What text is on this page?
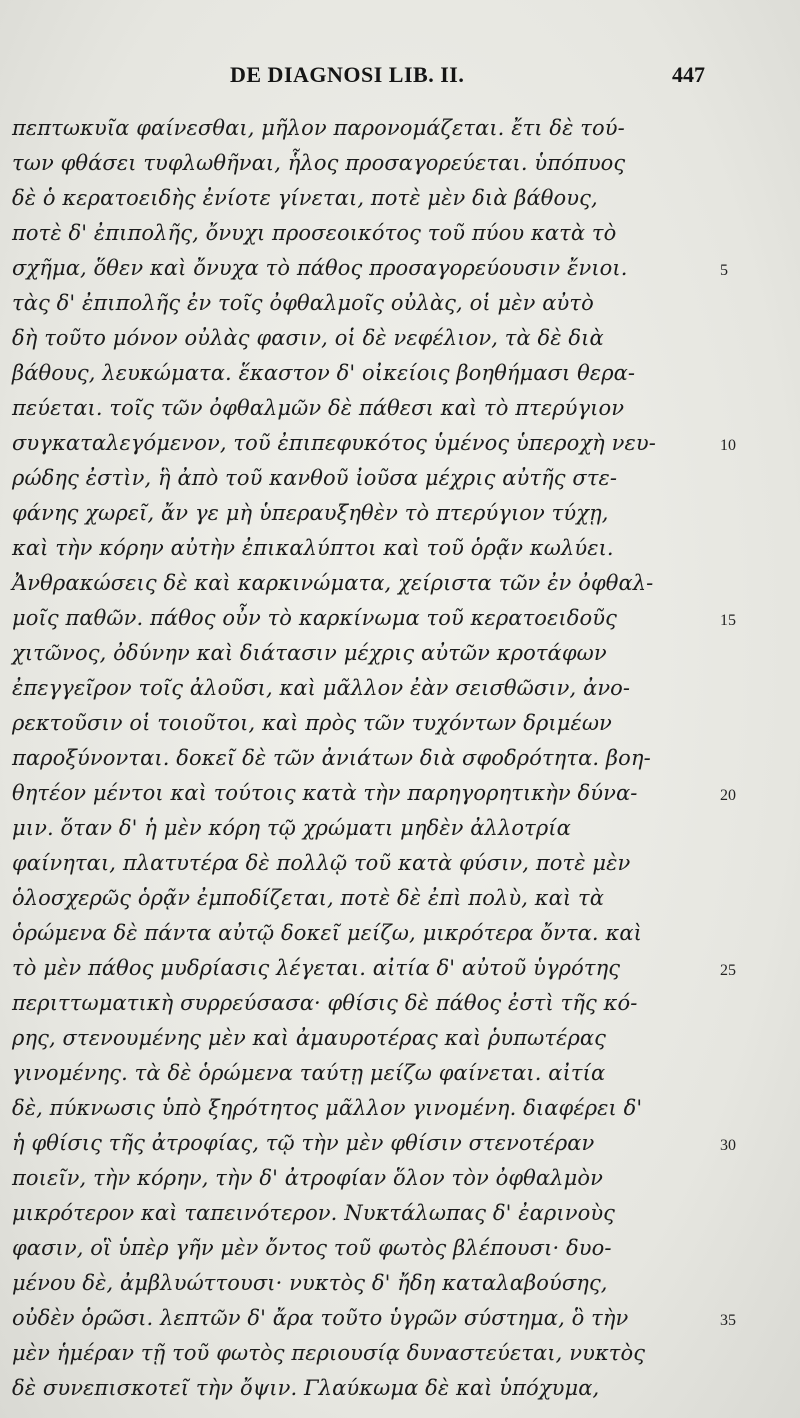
DE DIAGNOSI LIB. II.	447
πεπτωκυῖα φαίνεσθαι, μῆλον παρονομάζεται. ἔτι δὲ τού-
των φθάσει τυφλωθῆναι, ἧλος προσαγορεύεται. ὑπόπυος
δὲ ὁ κερατοειδὴς ἐνίοτε γίνεται, ποτὲ μὲν διὰ βάθους,
ποτὲ δ' ἐπιπολῆς, ὄνυχι προσεοικότος τοῦ πύου κατὰ τὸ
σχῆμα, ὅθεν καὶ ὄνυχα τὸ πάθος προσαγορεύουσιν ἔνιοι.
τὰς δ' ἐπιπολῆς ἐν τοῖς ὀφθαλμοῖς οὐλὰς, οἱ μὲν αὐτὸ
δὴ τοῦτο μόνον οὐλὰς φασιν, οἱ δὲ νεφέλιον, τὰ δὲ διὰ
βάθους, λευκώματα. ἕκαστον δ' οἰκείοις βοηθήμασι θερα-
πεύεται. τοῖς τῶν ὀφθαλμῶν δὲ πάθεσι καὶ τὸ πτερύγιον
συγκαταλεγόμενον, τοῦ ἐπιπεφυκότος ὑμένος ὑπεροχὴ νευ-
ρώδης ἐστὶν, ἣ ἀπὸ τοῦ κανθοῦ ἰοῦσα μέχρις αὐτῆς στε-
φάνης χωρεῖ, ἄν γε μὴ ὑπεραυξηθὲν τὸ πτερύγιον τύχῃ,
καὶ τὴν κόρην αὐτὴν ἐπικαλύπτοι καὶ τοῦ ὁρᾷν κωλύει.
Ἀνθρακώσεις δὲ καὶ καρκινώματα, χείριστα τῶν ἐν ὀφθαλ-
μοῖς παθῶν. πάθος οὖν τὸ καρκίνωμα τοῦ κερατοειδοῦς
χιτῶνος, ὀδύνην καὶ διάτασιν μέχρις αὐτῶν κροτάφων
ἐπεγγεῖρον τοῖς ἀλοῦσι, καὶ μᾶλλον ἐὰν σεισθῶσιν, ἀνο-
ρεκτοῦσιν οἱ τοιοῦτοι, καὶ πρὸς τῶν τυχόντων δριμέων
παροξύνονται. δοκεῖ δὲ τῶν ἀνιάτων διὰ σφοδρότητα. βοη-
θητέον μέντοι καὶ τούτοις κατὰ τὴν παρηγορητικὴν δύνα-
μιν. ὅταν δ' ἡ μὲν κόρη τῷ χρώματι μηδὲν ἀλλοτρία
φαίνηται, πλατυτέρα δὲ πολλῷ τοῦ κατὰ φύσιν, ποτὲ μὲν
ὁλοσχερῶς ὁρᾷν ἐμποδίζεται, ποτὲ δὲ ἐπὶ πολὺ, καὶ τὰ
ὁρώμενα δὲ πάντα αὐτῷ δοκεῖ μείζω, μικρότερα ὄντα. καὶ
τὸ μὲν πάθος μυδρίασις λέγεται. αἰτία δ' αὐτοῦ ὑγρότης
περιττωματικὴ συρρεύσασα· φθίσις δὲ πάθος ἐστὶ τῆς κό-
ρης, στενουμένης μὲν καὶ ἀμαυροτέρας καὶ ῥυπωτέρας
γινομένης. τὰ δὲ ὁρώμενα ταύτῃ μείζω φαίνεται. αἰτία
δὲ, πύκνωσις ὑπὸ ξηρότητος μᾶλλον γινομένη. διαφέρει δ'
ἡ φθίσις τῆς ἀτροφίας, τῷ τὴν μὲν φθίσιν στενοτέραν
ποιεῖν, τὴν κόρην, τὴν δ' ἀτροφίαν ὅλον τὸν ὀφθαλμὸν
μικρότερον καὶ ταπεινότερον. Νυκτάλωπας δ' ἐαρινοὺς
φασιν, οἳ ὑπὲρ γῆν μὲν ὄντος τοῦ φωτὸς βλέπουσι· δυο-
μένου δὲ, ἀμβλυώττουσι· νυκτὸς δ' ἤδη καταλαβούσης,
οὐδὲν ὁρῶσι. λεπτῶν δ' ἄρα τοῦτο ὑγρῶν σύστημα, ὃ τὴν
μὲν ἡμέραν τῇ τοῦ φωτὸς περιουσίᾳ δυναστεύεται, νυκτὸς
δὲ συνεπισκοτεῖ τὴν ὄψιν. Γλαύκωμα δὲ καὶ ὑπόχυμα,
5
10
15
20
25
30
35
